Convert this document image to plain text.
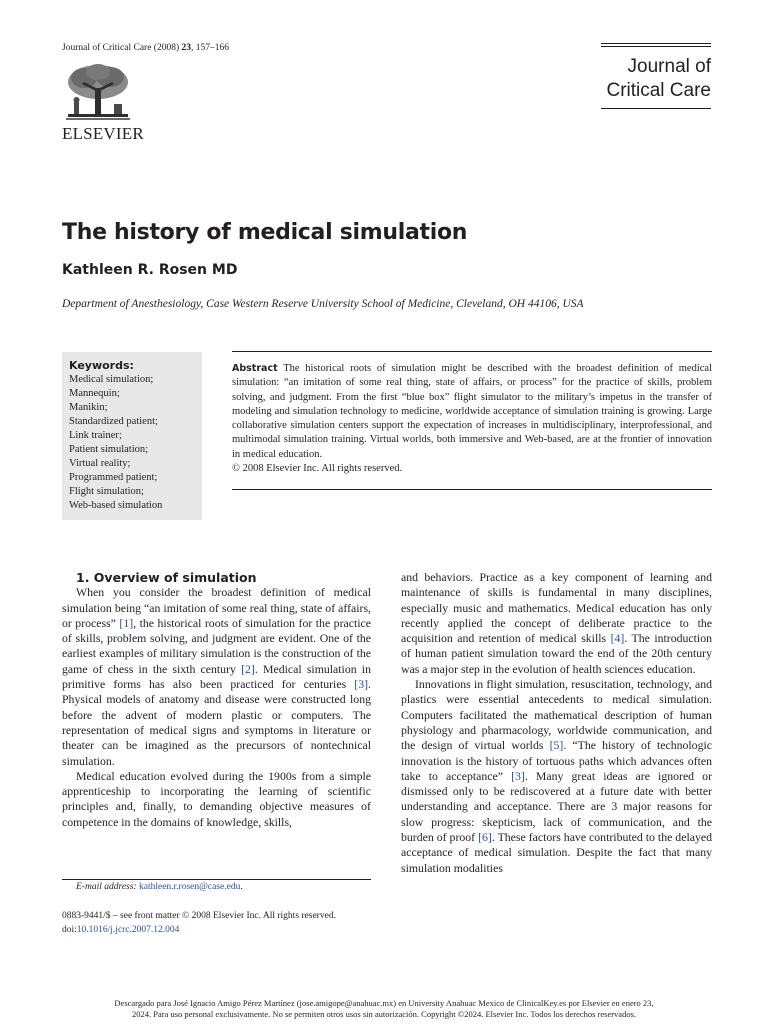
Journal of Critical Care (2008) 23, 157–166
ELSEVIER
Journal of
Critical Care
The history of medical simulation
Kathleen R. Rosen MD
Department of Anesthesiology, Case Western Reserve University School of Medicine, Cleveland, OH 44106, USA
Keywords:
Medical simulation;
Mannequin;
Manikin;
Standardized patient;
Link trainer;
Patient simulation;
Virtual reality;
Programmed patient;
Flight simulation;
Web-based simulation
Abstract The historical roots of simulation might be described with the broadest definition of medical simulation: “an imitation of some real thing, state of affairs, or process” for the practice of skills, problem solving, and judgment. From the first “blue box” flight simulator to the military’s impetus in the transfer of modeling and simulation technology to medicine, worldwide acceptance of simulation training is growing. Large collaborative simulation centers support the expectation of increases in multidisciplinary, interprofessional, and multimodal simulation training. Virtual worlds, both immersive and Web-based, are at the frontier of innovation in medical education.
© 2008 Elsevier Inc. All rights reserved.

1. Overview of simulation

When you consider the broadest definition of medical simulation being “an imitation of some real thing, state of affairs, or process” [1], the historical roots of simulation for the practice of skills, problem solving, and judgment are evident. One of the earliest examples of military simulation is the construction of the game of chess in the sixth century [2]. Medical simulation in primitive forms has also been practiced for centuries [3]. Physical models of anatomy and disease were constructed long before the advent of modern plastic or computers. The representation of medical signs and symptoms in literature or theater can be imagined as the precursors of nontechnical simulation.

Medical education evolved during the 1900s from a simple apprenticeship to incorporating the learning of scientific principles and, finally, to demanding objective measures of competence in the domains of knowledge, skills,

and behaviors. Practice as a key component of learning and maintenance of skills is fundamental in many disciplines, especially music and mathematics. Medical education has only recently applied the concept of deliberate practice to the acquisition and retention of medical skills [4]. The introduction of human patient simulation toward the end of the 20th century was a major step in the evolution of health sciences education.

Innovations in flight simulation, resuscitation, technology, and plastics were essential antecedents to medical simulation. Computers facilitated the mathematical description of human physiology and pharmacology, worldwide communication, and the design of virtual worlds [5]. “The history of technologic innovation is the history of tortuous paths which advances often take to acceptance” [3]. Many great ideas are ignored or dismissed only to be rediscovered at a future date with better understanding and acceptance. There are 3 major reasons for slow progress: skepticism, lack of communication, and the burden of proof [6]. These factors have contributed to the delayed acceptance of medical simulation. Despite the fact that many simulation modalities

E-mail address: kathleen.r.rosen@case.edu.
0883-9441/$ – see front matter © 2008 Elsevier Inc. All rights reserved.
doi:10.1016/j.jcrc.2007.12.004
Descargado para José Ignacio Amigo Pérez Martínez (jose.amigope@anahuac.mx) en University Anahuac Mexico de ClinicalKey.es por Elsevier en enero 23,
2024. Para uso personal exclusivamente. No se permiten otros usos sin autorización. Copyright ©2024. Elsevier Inc. Todos los derechos reservados.
